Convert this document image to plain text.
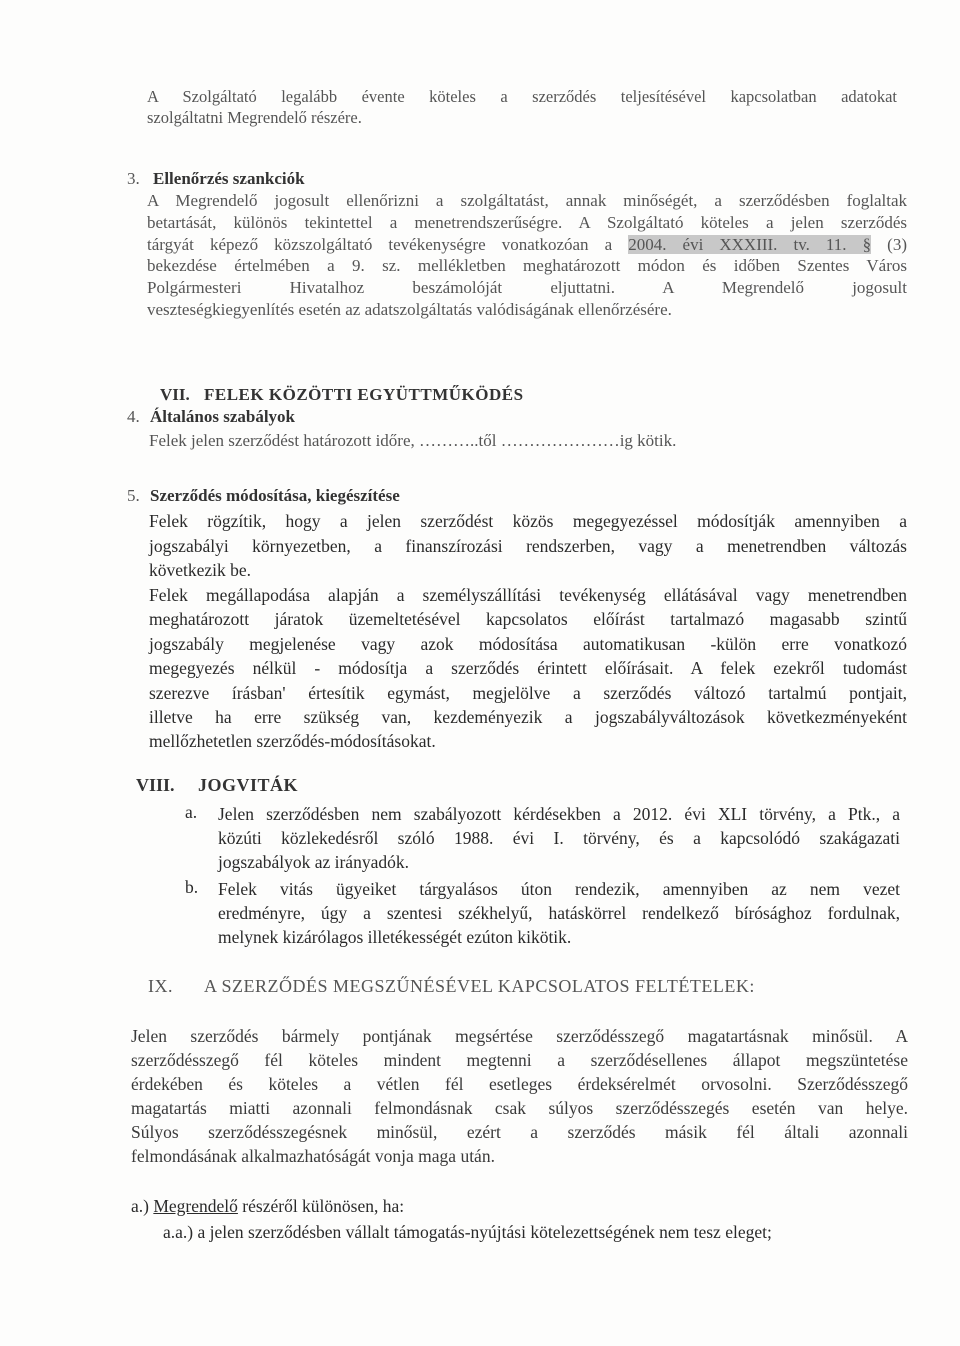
A Szolgáltató legalább évente köteles a szerződés teljesítésével kapcsolatban adatokat
szolgáltatni Megrendelő részére.
3. Ellenőrzés szankciók
A Megrendelő jogosult ellenőrizni a szolgáltatást, annak minőségét, a szerződésben foglaltak
betartását, különös tekintettel a menetrendszerűségre. A Szolgáltató köteles a jelen szerződés
tárgyát képező közszolgáltató tevékenységre vonatkozóan a 2004. évi XXXIII. tv. 11. § (3)
bekezdése értelmében a 9. sz. mellékletben meghatározott módon és időben Szentes Város
Polgármesteri Hivatalhoz beszámolóját eljuttatni. A Megrendelő jogosult
veszteségkiegyenlítés esetén az adatszolgáltatás valódiságának ellenőrzésére.
VII. FELEK KÖZÖTTI EGYÜTTMŰKÖDÉS
4. Általános szabályok
Felek jelen szerződést határozott időre, ………..től …………………ig kötik.
5. Szerződés módosítása, kiegészítése
Felek rögzítik, hogy a jelen szerződést közös megegyezéssel módosítják amennyiben a
jogszabályi környezetben, a finanszírozási rendszerben, vagy a menetrendben változás
következik be.
Felek megállapodása alapján a személyszállítási tevékenység ellátásával vagy menetrendben
meghatározott járatok üzemeltetésével kapcsolatos előírást tartalmazó magasabb szintű
jogszabály megjelenése vagy azok módosítása automatikusan -külön erre vonatkozó
megegyezés nélkül - módosítja a szerződés érintett előírásait. A felek ezekről tudomást
szerezve írásban' értesítik egymást, megjelölve a szerződés változó tartalmú pontjait,
illetve ha erre szükség van, kezdeményezik a jogszabályváltozások következményeként
mellőzhetetlen szerződés-módosításokat.
VIII. JOGVITÁK
a. Jelen szerződésben nem szabályozott kérdésekben a 2012. évi XLI törvény, a Ptk., a
közúti közlekedésről szóló 1988. évi I. törvény, és a kapcsolódó szakágazati
jogszabályok az irányadók.
b. Felek vitás ügyeiket tárgyalásos úton rendezik, amennyiben az nem vezet
eredményre, úgy a szentesi székhelyű, hatáskörrel rendelkező bírósághoz fordulnak,
melynek kizárólagos illetékességét ezúton kikötik.
IX. A SZERZŐDÉS MEGSZŰNÉSÉVEL KAPCSOLATOS FELTÉTELEK:
Jelen szerződés bármely pontjának megsértése szerződésszegő magatartásnak minősül. A
szerződésszegő fél köteles mindent megtenni a szerződésellenes állapot megszüntetése
érdekében és köteles a vétlen fél esetleges érdeksérelmét orvosolni. Szerződésszegő
magatartás miatti azonnali felmondásnak csak súlyos szerződésszegés esetén van helye.
Súlyos szerződésszegésnek minősül, ezért a szerződés másik fél általi azonnali
felmondásának alkalmazhatóságát vonja maga után.
a.) Megrendelő részéről különösen, ha:
a.a.) a jelen szerződésben vállalt támogatás-nyújtási kötelezettségének nem tesz eleget;
